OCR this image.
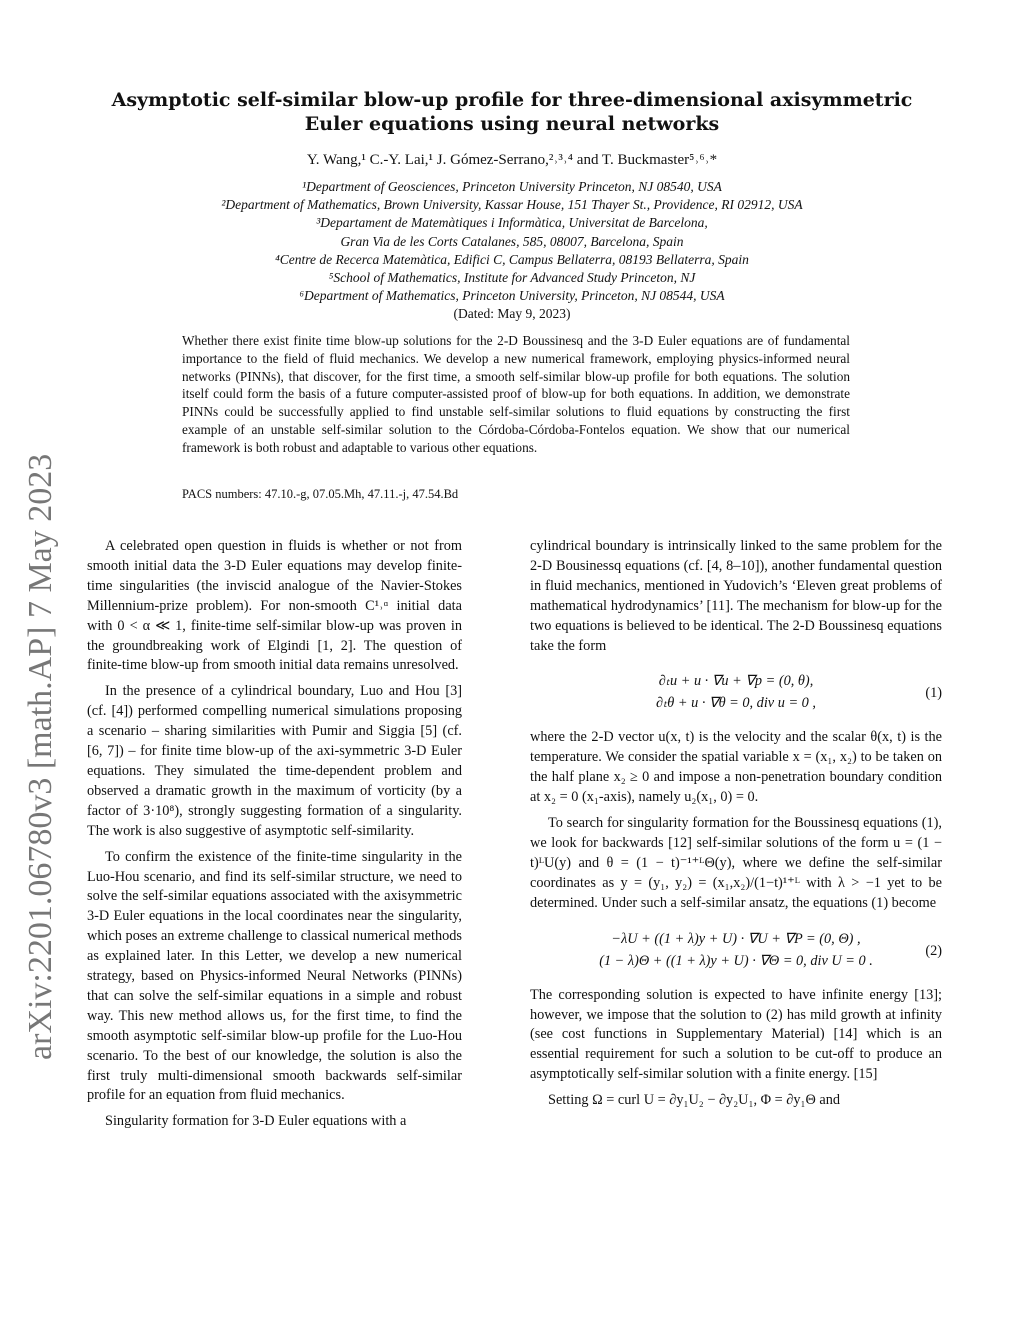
arXiv:2201.06780v3 [math.AP] 7 May 2023
Asymptotic self-similar blow-up profile for three-dimensional axisymmetric Euler equations using neural networks
Y. Wang,¹ C.-Y. Lai,¹ J. Gómez-Serrano,²˒³˒⁴ and T. Buckmaster⁵˒⁶˒*
¹Department of Geosciences, Princeton University Princeton, NJ 08540, USA
²Department of Mathematics, Brown University, Kassar House, 151 Thayer St., Providence, RI 02912, USA
³Departament de Matemàtiques i Informàtica, Universitat de Barcelona,
Gran Via de les Corts Catalanes, 585, 08007, Barcelona, Spain
⁴Centre de Recerca Matemàtica, Edifici C, Campus Bellaterra, 08193 Bellaterra, Spain
⁵School of Mathematics, Institute for Advanced Study Princeton, NJ
⁶Department of Mathematics, Princeton University, Princeton, NJ 08544, USA
(Dated: May 9, 2023)
Whether there exist finite time blow-up solutions for the 2-D Boussinesq and the 3-D Euler equations are of fundamental importance to the field of fluid mechanics. We develop a new numerical framework, employing physics-informed neural networks (PINNs), that discover, for the first time, a smooth self-similar blow-up profile for both equations. The solution itself could form the basis of a future computer-assisted proof of blow-up for both equations. In addition, we demonstrate PINNs could be successfully applied to find unstable self-similar solutions to fluid equations by constructing the first example of an unstable self-similar solution to the Córdoba-Córdoba-Fontelos equation. We show that our numerical framework is both robust and adaptable to various other equations.
PACS numbers: 47.10.-g, 07.05.Mh, 47.11.-j, 47.54.Bd

A celebrated open question in fluids is whether or not from smooth initial data the 3-D Euler equations may develop finite-time singularities (the inviscid analogue of the Navier-Stokes Millennium-prize problem). For non-smooth C¹˒ᵅ initial data with 0 < α ≪ 1, finite-time self-similar blow-up was proven in the groundbreaking work of Elgindi [1, 2]. The question of finite-time blow-up from smooth initial data remains unresolved.

In the presence of a cylindrical boundary, Luo and Hou [3] (cf. [4]) performed compelling numerical simulations proposing a scenario – sharing similarities with Pumir and Siggia [5] (cf. [6, 7]) – for finite time blow-up of the axi-symmetric 3-D Euler equations. They simulated the time-dependent problem and observed a dramatic growth in the maximum of vorticity (by a factor of 3·10⁸), strongly suggesting formation of a singularity. The work is also suggestive of asymptotic self-similarity.

To confirm the existence of the finite-time singularity in the Luo-Hou scenario, and find its self-similar structure, we need to solve the self-similar equations associated with the axisymmetric 3-D Euler equations in the local coordinates near the singularity, which poses an extreme challenge to classical numerical methods as explained later. In this Letter, we develop a new numerical strategy, based on Physics-informed Neural Networks (PINNs) that can solve the self-similar equations in a simple and robust way. This new method allows us, for the first time, to find the smooth asymptotic self-similar blow-up profile for the Luo-Hou scenario. To the best of our knowledge, the solution is also the first truly multi-dimensional smooth backwards self-similar profile for an equation from fluid mechanics.

Singularity formation for 3-D Euler equations with a

cylindrical boundary is intrinsically linked to the same problem for the 2-D Bousinessq equations (cf. [4, 8–10]), another fundamental question in fluid mechanics, mentioned in Yudovich’s ‘Eleven great problems of mathematical hydrodynamics’ [11]. The mechanism for blow-up for the two equations is believed to be identical. The 2-D Boussinesq equations take the form

∂ₜu + u · ∇u + ∇p = (0, θ),
∂ₜθ + u · ∇θ = 0, div u = 0 ,
(1)

where the 2-D vector u(x, t) is the velocity and the scalar θ(x, t) is the temperature. We consider the spatial variable x = (x₁, x₂) to be taken on the half plane x₂ ≥ 0 and impose a non-penetration boundary condition at x₂ = 0 (x₁-axis), namely u₂(x₁, 0) = 0.

To search for singularity formation for the Boussinesq equations (1), we look for backwards [12] self-similar solutions of the form u = (1 − t)ᴸU(y) and θ = (1 − t)⁻¹⁺ᴸΘ(y), where we define the self-similar coordinates as y = (y₁, y₂) = (x₁,x₂)/(1−t)¹⁺ᴸ with λ > −1 yet to be determined. Under such a self-similar ansatz, the equations (1) become

−λU + ((1 + λ)y + U) · ∇U + ∇P = (0, Θ) ,
(1 − λ)Θ + ((1 + λ)y + U) · ∇Θ = 0, div U = 0 .
(2)

The corresponding solution is expected to have infinite energy [13]; however, we impose that the solution to (2) has mild growth at infinity (see cost functions in Supplementary Material) [14] which is an essential requirement for such a solution to be cut-off to produce an asymptotically self-similar solution with a finite energy. [15]

Setting Ω = curl U = ∂y₁U₂ − ∂y₂U₁, Φ = ∂y₁Θ and
